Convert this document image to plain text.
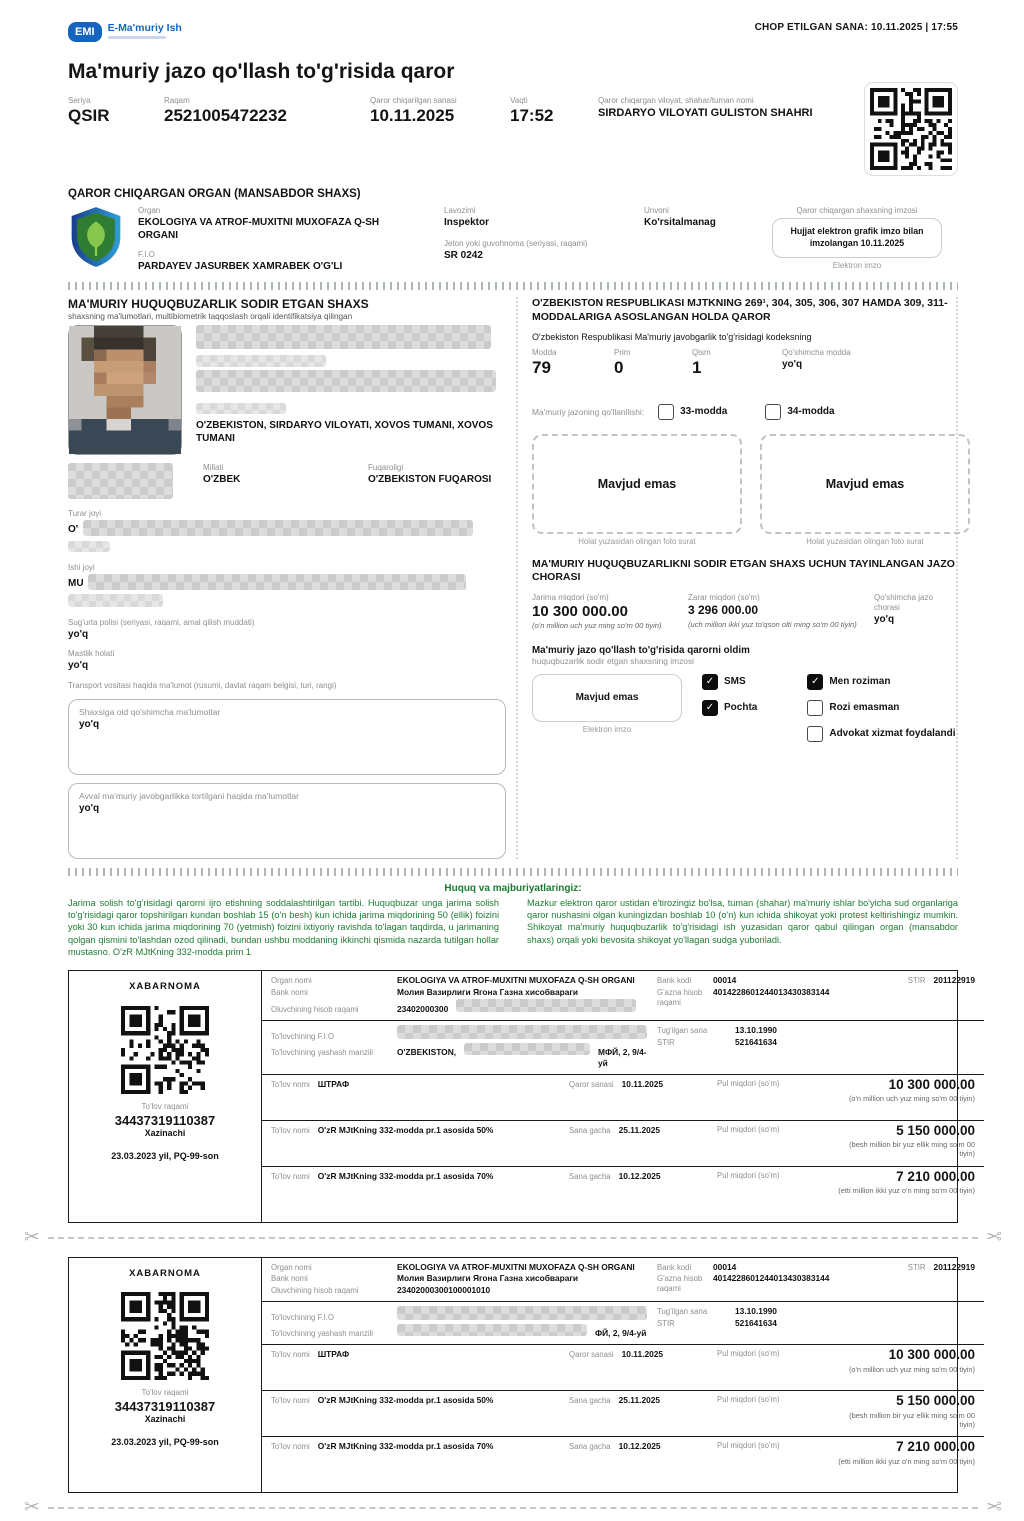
EMI	E-Ma'muriy Ish	CHOP ETILGAN SANA: 10.11.2025 | 17:55
Ma'muriy jazo qo'llash to'g'risida qaror
Seriya
QSIR
Raqam
2521005472232
Qaror chiqarilgan sanasi
10.11.2025
Vaqti
17:52
Qaror chiqargan viloyat, shahar/tuman nomi
SIRDARYO VILOYATI GULISTON SHAHRI
QAROR CHIQARGAN ORGAN (MANSABDOR SHAXS)
Organ
EKOLOGIYA VA ATROF-MUXITNI MUXOFAZA Q-SH ORGANI
F.I.O
PARDAYEV JASURBEK XAMRABEK O'G'LI
Lavozimi
Inspektor
Jeton yoki guvohnoma (seriyasi, raqami)
SR 0242
Unvoni
Ko'rsitalmanag
Qaror chiqargan shaxsning imzosi
Hujjat elektron grafik imzo bilan imzolangan 10.11.2025
Elektron imzo
MA'MURIY HUQUQBUZARLIK SODIR ETGAN SHAXS
shaxsning ma'lumotlari, multibiometrik taqqoslash orqali identifikatsiya qilingan
O'ZBEKISTON, SIRDARYO VILOYATI, XOVOS TUMANI, XOVOS TUMANI
Millati
O'ZBEK
Fuqaroligi
O'ZBEKISTON FUQAROSI
Turar joyi
O'
Ishi joyi
MU
Sug'urta polisi (seriyasi, raqami, amal qilish muddati)
yo'q
Mastlik holati
yo'q
Transport vositasi haqida ma'lumot (rusumi, davlat raqam belgisi, turi, rangi)
Shaxsiga oid qo'shimcha ma'lumotlar
yo'q
Avval ma'muriy javobgarlikka tortilgani haqida ma'lumotlar
yo'q
O'ZBEKISTON RESPUBLIKASI MJTKNING 269¹, 304, 305, 306, 307 HAMDA 309, 311-MODDALARIGA ASOSLANGAN HOLDA QAROR
O'zbekiston Respublikasi Ma'muriy javobgarlik to'g'risidagi kodeksning
Modda
79
Prim
0
Qism
1
Qo'shimcha modda
yo'q
Ma'muriy jazoning qo'llanilishi:	33-modda	34-modda
Mavjud emas
Holat yuzasidan olingan foto surat
Mavjud emas
Holat yuzasidan olingan foto surat
MA'MURIY HUQUQBUZARLIKNI SODIR ETGAN SHAXS UCHUN TAYINLANGAN JAZO CHORASI
Jarima miqdori (so'm)
10 300 000.00
(o'n million uch yuz ming so'm 00 tiyin)
Zarar miqdori (so'm)
3 296 000.00
(uch million ikki yuz to'qson olti ming so'm 00 tiyin)
Qo'shimcha jazo chorasi
yo'q
Ma'muriy jazo qo'llash to'g'risida qarorni oldim
huquqbuzarlik sodir etgan shaxsning imzosi
Mavjud emas
Elektron imzo
✓
SMS
✓
Pochta
✓
Men roziman
Rozi emasman
Advokat xizmat foydalandi
Huquq va majburiyatlaringiz:
Jarima solish to'g'risidagi qarorni ijro etishning soddalashtirilgan tartibi. Huquqbuzar unga jarima solish to'g'risidagi qaror topshirilgan kundan boshlab 15 (o'n besh) kun ichida jarima miqdorining 50 (ellik) foizini yoki 30 kun ichida jarima miqdorining 70 (yetmish) foizini ixtiyoriy ravishda to'lagan taqdirda, u jarimaning qolgan qismini to'lashdan ozod qilinadi, bundan ushbu moddaning ikkinchi qismida nazarda tutilgan hollar mustasno. O'zR MJtKning 332-modda prim 1
Mazkur elektron qaror ustidan e'tirozingiz bo'lsa, tuman (shahar) ma'muriy ishlar bo'yicha sud organlariga qaror nushasini olgan kuningizdan boshlab 10 (o'n) kun ichida shikoyat yoki protest keltirishingiz mumkin. Shikoyat ma'muriy huquqbuzarlik to'g'risidagi ish yuzasidan qaror qabul qilingan organ (mansabdor shaxs) orqali yoki bevosita shikoyat yo'llagan sudga yuboriladi.
XABARNOMA
To'lov raqami
34437319110387
Xazinachi
23.03.2023 yil, PQ-99-son
Organ nomi	EKOLOGIYA VA ATROF-MUXITNI MUXOFAZA Q-SH ORGANI
Bank nomi	Молия Вазирлиги Ягона Газна хисобвараги
Oluvchining hisob raqami	23402000300
Bank kodi	00014	STIR 201122919
G'azna hisob raqami
4014228601244013430383144
To'lovchining F.I.O
To'lovchining yashash manzili	O'ZBEKISTON,	МФЙ, 2, 9/4-уй
Tug'ilgan sana	13.10.1990
STIR	521641634
To'lov nomi ШТРАФ	Qaror sanasi 10.11.2025	Pul miqdori (so'm)	10 300 000.00
(o'n million uch yuz ming so'm 00 tiyin)
To'lov nomi O'zR MJtKning 332-modda pr.1 asosida 50%	Sana gacha 25.11.2025	Pul miqdori (so'm)	5 150 000.00
(besh million bir yuz ellik ming so'm 00 tiyin)
To'lov nomi O'zR MJtKning 332-modda pr.1 asosida 70%	Sana gacha 10.12.2025	Pul miqdori (so'm)	7 210 000.00
(etti million ikki yuz o'n ming so'm 00 tiyin)
✂	✂
XABARNOMA
To'lov raqami
34437319110387
Xazinachi
23.03.2023 yil, PQ-99-son
Organ nomi	EKOLOGIYA VA ATROF-MUXITNI MUXOFAZA Q-SH ORGANI
Bank nomi	Молия Вазирлиги Ягона Газна хисобвараги
Oluvchining hisob raqami	23402000300100001010
Bank kodi	00014	STIR 201122919
G'azna hisob raqami
4014228601244013430383144
To'lovchining F.I.O
To'lovchining yashash manzili	ФЙ, 2, 9/4-уй
Tug'ilgan sana	13.10.1990
STIR	521641634
To'lov nomi ШТРАФ	Qaror sanasi 10.11.2025	Pul miqdori (so'm)	10 300 000.00
(o'n million uch yuz ming so'm 00 tiyin)
To'lov nomi O'zR MJtKning 332-modda pr.1 asosida 50%	Sana gacha 25.11.2025	Pul miqdori (so'm)	5 150 000.00
(besh million bir yuz ellik ming so'm 00 tiyin)
To'lov nomi O'zR MJtKning 332-modda pr.1 asosida 70%	Sana gacha 10.12.2025	Pul miqdori (so'm)	7 210 000.00
(etti million ikki yuz o'n ming so'm 00 tiyin)
✂	✂
